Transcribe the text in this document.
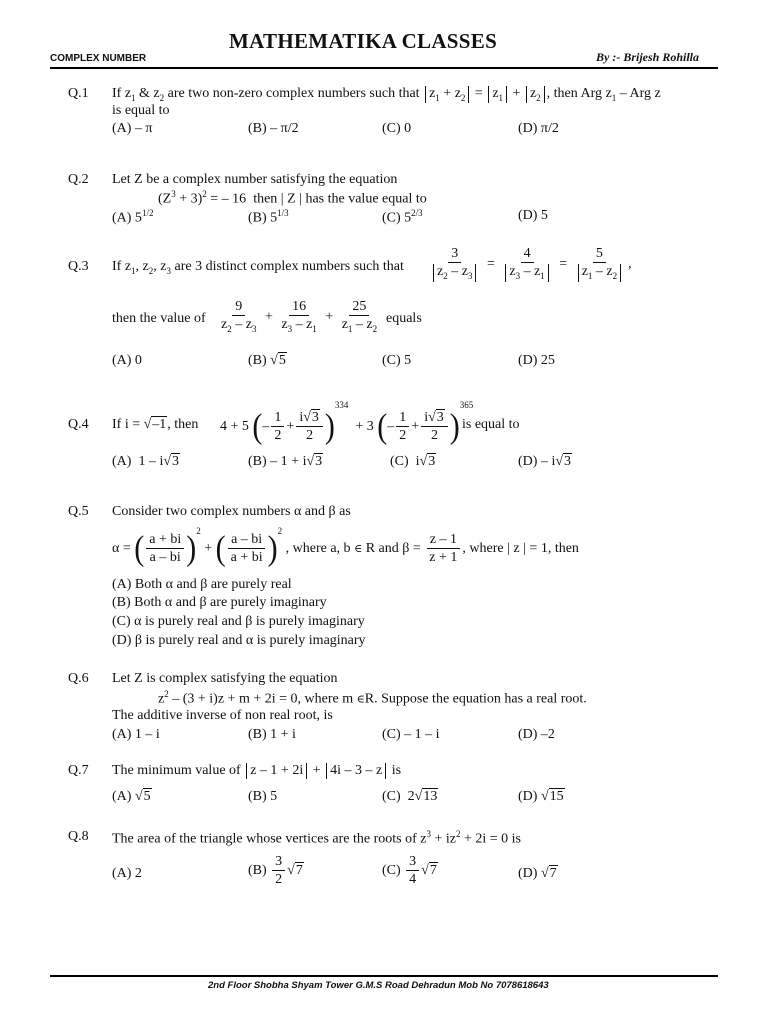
MATHEMATIKA CLASSES
COMPLEX NUMBER	By :- Brijesh Rohilla
Q.1 If $z_1$ & $z_2$ are two non-zero complex numbers such that $z_1 + z_2 = z_1 + z_2$ , then Arg $z_1$ – Arg z
is equal to
(A) – π	(B) – π/2	(C) 0	(D) π/2
Q.2 Let Z be a complex number satisfying the equation
$(Z^3 + 3)^2$ = – 16  then | Z | has the value equal to
(A) $5^{1/2}$	(B) $5^{1/3}$	(C) $5^{2/3}$	(D) 5
Q.3 If $z_1$, $z_2$, $z_3$ are 3 distinct complex numbers such that $\frac{3}{z_2 - z_3} = \frac{4}{z_3 - z_1} = \frac{5}{z_1 - z_2}$ ,
then the value of $\frac{9}{z_2 - z_3} + \frac{16}{z_3 - z_1} + \frac{25}{z_1 - z_2}$ equals
(A) 0	(B) √5	(C) 5	(D) 25
Q.4 If i = √–1, then 4 + 5 (– $\frac{1}{2} + \frac{i√3}{2} )^{334} + 3$ (– $\frac{1}{2} + \frac{i√3}{2} )^{365}$
is equal to
(A)  1 – i√3	(B) – 1 + i√3	(C)  i√3	(D) – i√3
Q.5 Consider two complex numbers α and β as
α = ( $\frac{a + bi}{a - bi} )^2$ + ( $\frac{a - bi}{a + bi} )^2$ , where a, b ∈ R and $\beta = \frac{z - 1}{z + 1}$ , where | z | = 1, then
(A) Both α and β are purely real
(B) Both α and β are purely imaginary
(C) α is purely real and β is purely imaginary
(D) β is purely real and α is purely imaginary
Q.6 Let Z is complex satisfying the equation
$z^2 - (3 + i)z + m + 2i = 0$, where m ∈R. Suppose the equation has a real root.
The additive inverse of non real root, is
(A) 1 – i	(B) 1 + i	(C) – 1 – i	(D) –2
Q.7 The minimum value of z – 1 + 2i + 4i – 3 – z is
(A) √5	(B) 5	(C)  2√13	(D) √15
Q.8 The area of the triangle whose vertices are the roots of $z^3 + iz^2 + 2i = 0$ is
(A) 2	$(B) \frac{3}{2} √7$	$(C) \frac{3}{4} √7$	(D) √7
2nd Floor Shobha Shyam Tower G.M.S Road Dehradun Mob No 7078618643
